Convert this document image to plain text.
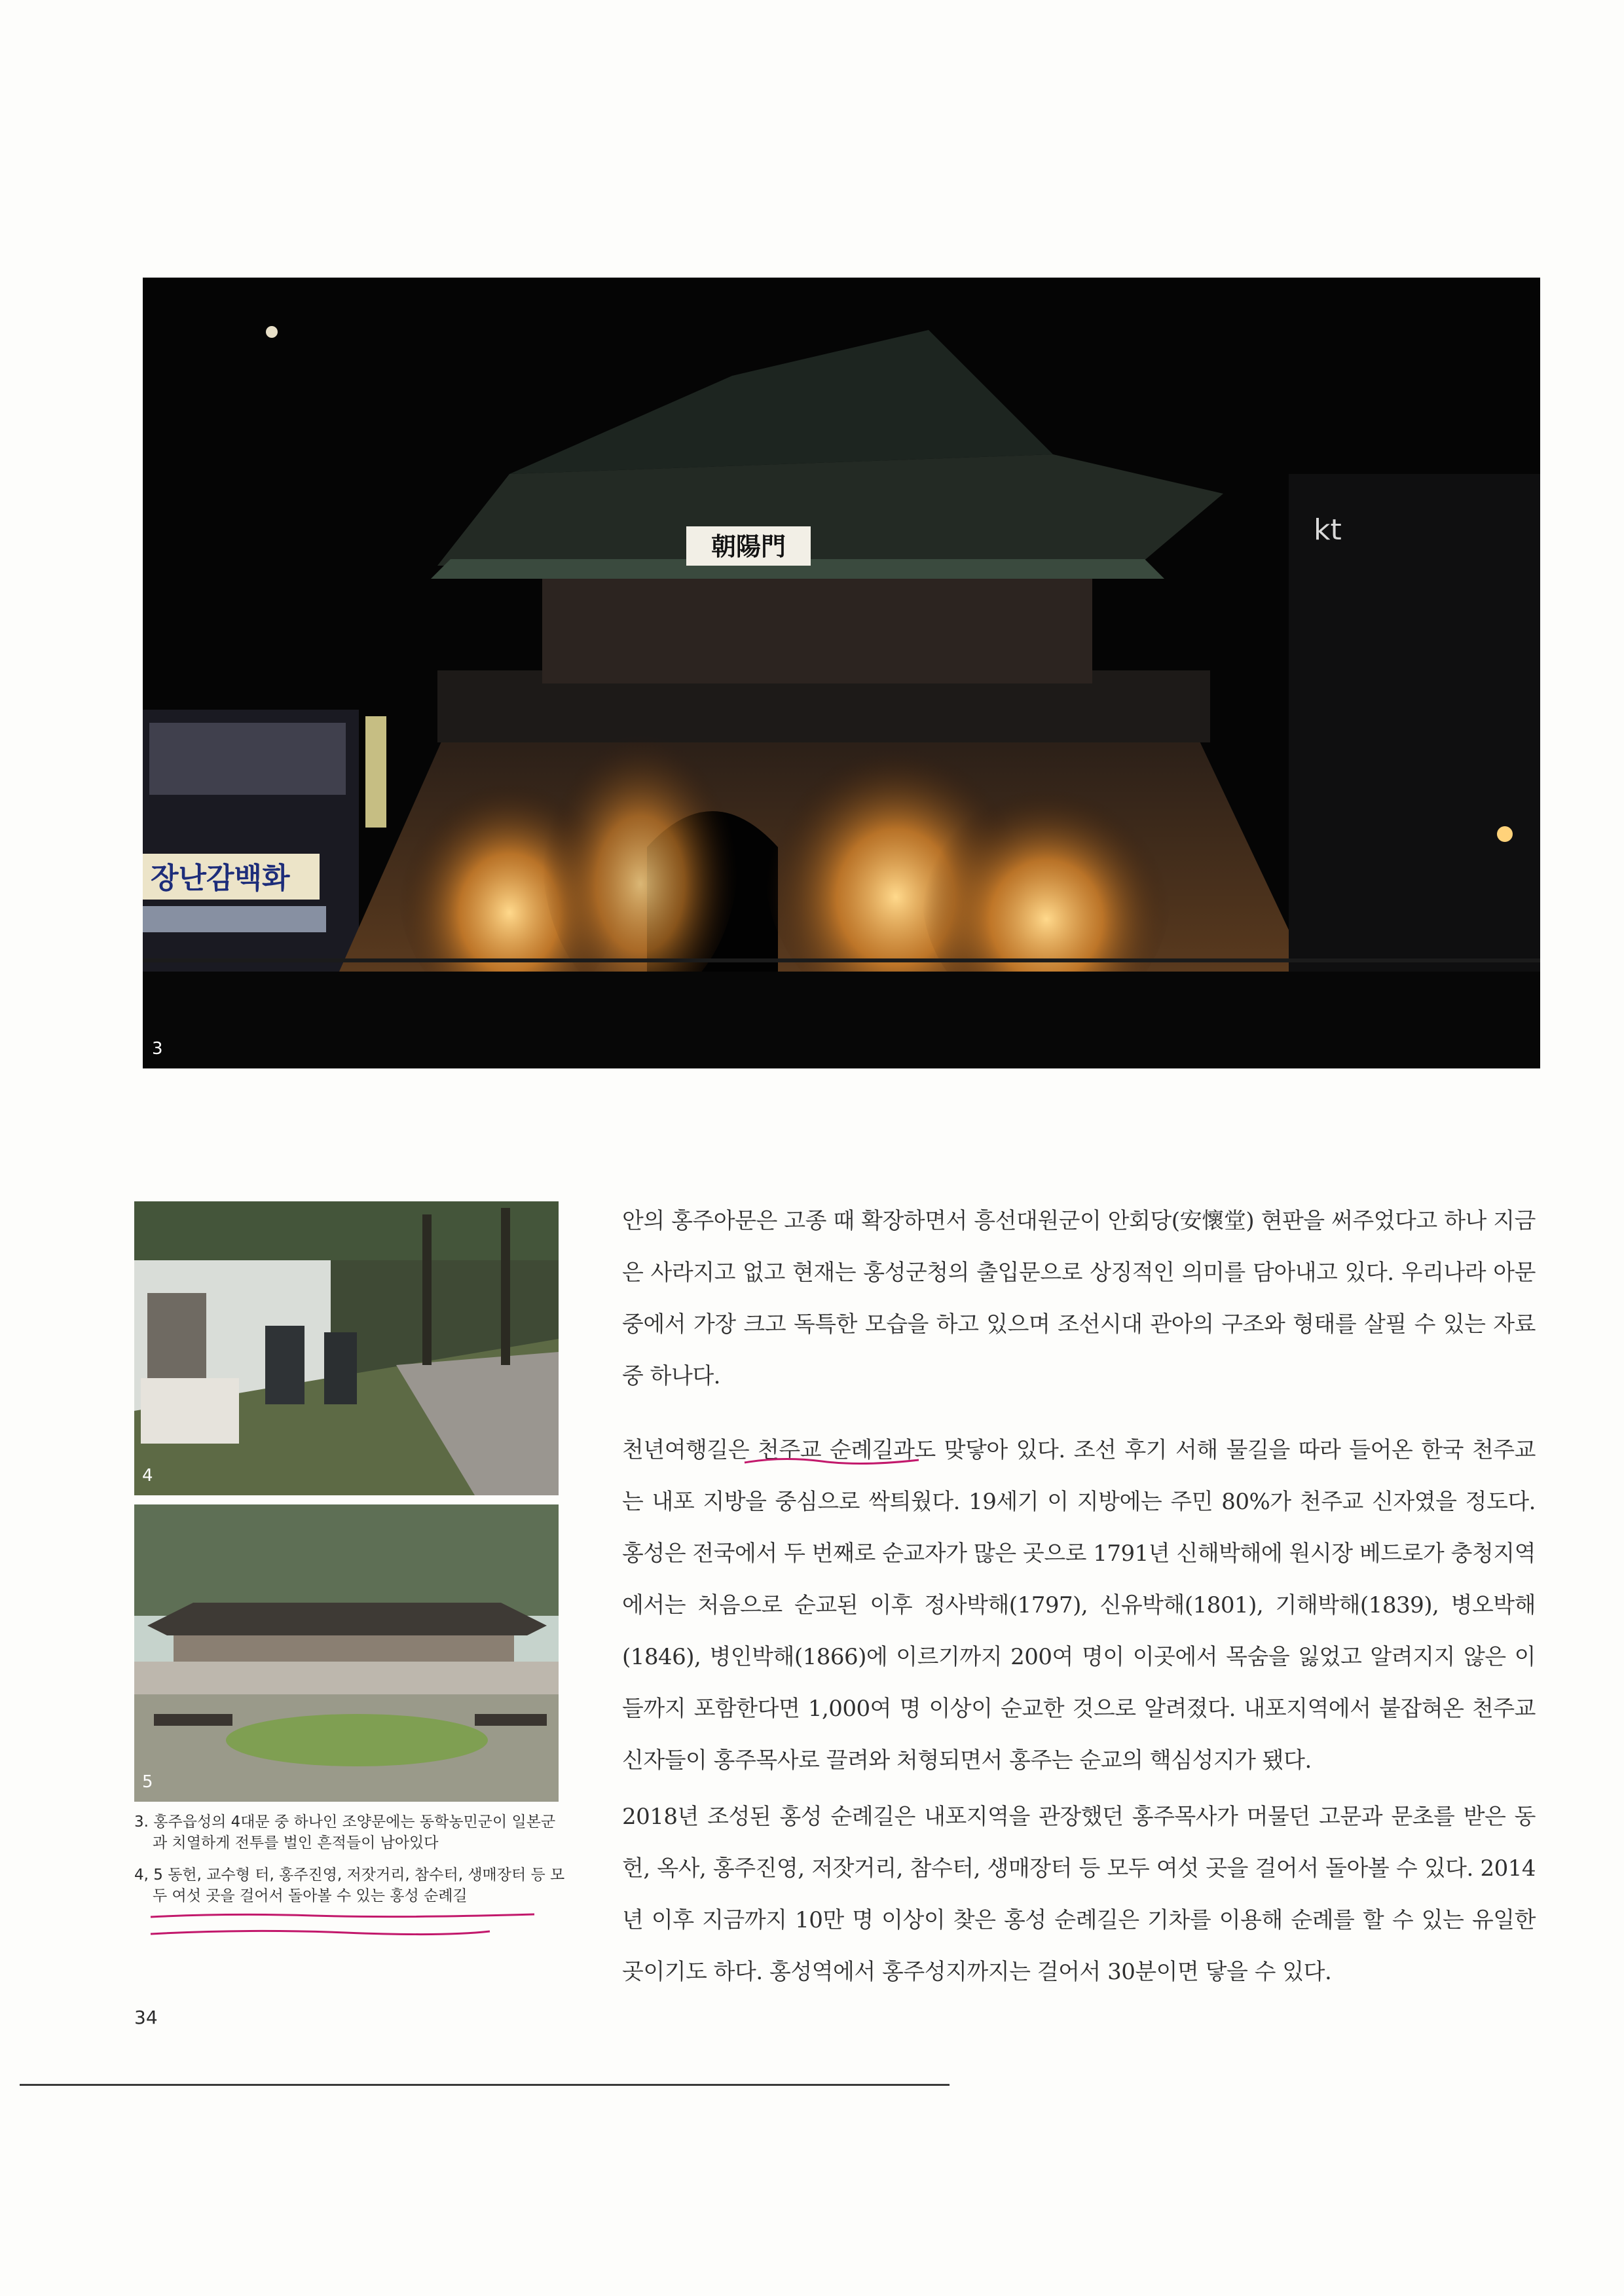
장난감백화
朝陽門	kt
3
4
5

안의 홍주아문은 고종 때 확장하면서 흥선대원군이 안회당(安懷堂) 현판을 써주었다고 하나 지금은 사라지고 없고 현재는 홍성군청의 출입문으로 상징적인 의미를 담아내고 있다. 우리나라 아문 중에서 가장 크고 독특한 모습을 하고 있으며 조선시대 관아의 구조와 형태를 살필 수 있는 자료 중 하나다.

천년여행길은 천주교 순례길과도 맞닿아 있다. 조선 후기 서해 물길을 따라 들어온 한국 천주교는 내포 지방을 중심으로 싹틔웠다. 19세기 이 지방에는 주민 80%가 천주교 신자였을 정도다. 홍성은 전국에서 두 번째로 순교자가 많은 곳으로 1791년 신해박해에 원시장 베드로가 충청지역에서는 처음으로 순교된 이후 정사박해(1797), 신유박해(1801), 기해박해(1839), 병오박해(1846), 병인박해(1866)에 이르기까지 200여 명이 이곳에서 목숨을 잃었고 알려지지 않은 이들까지 포함한다면 1,000여 명 이상이 순교한 것으로 알려졌다. 내포지역에서 붙잡혀온 천주교 신자들이 홍주목사로 끌려와 처형되면서 홍주는 순교의 핵심성지가 됐다.

2018년 조성된 홍성 순례길은 내포지역을 관장했던 홍주목사가 머물던 고문과 문초를 받은 동헌, 옥사, 홍주진영, 저잣거리, 참수터, 생매장터 등 모두 여섯 곳을 걸어서 돌아볼 수 있다. 2014년 이후 지금까지 10만 명 이상이 찾은 홍성 순례길은 기차를 이용해 순례를 할 수 있는 유일한 곳이기도 하다. 홍성역에서 홍주성지까지는 걸어서 30분이면 닿을 수 있다.

3. 홍주읍성의 4대문 중 하나인 조양문에는 동학농민군이 일본군과 치열하게 전투를 벌인 흔적들이 남아있다

4, 5 동헌, 교수형 터, 홍주진영, 저잣거리, 참수터, 생매장터 등 모두 여섯 곳을 걸어서 돌아볼 수 있는 홍성 순례길

34
